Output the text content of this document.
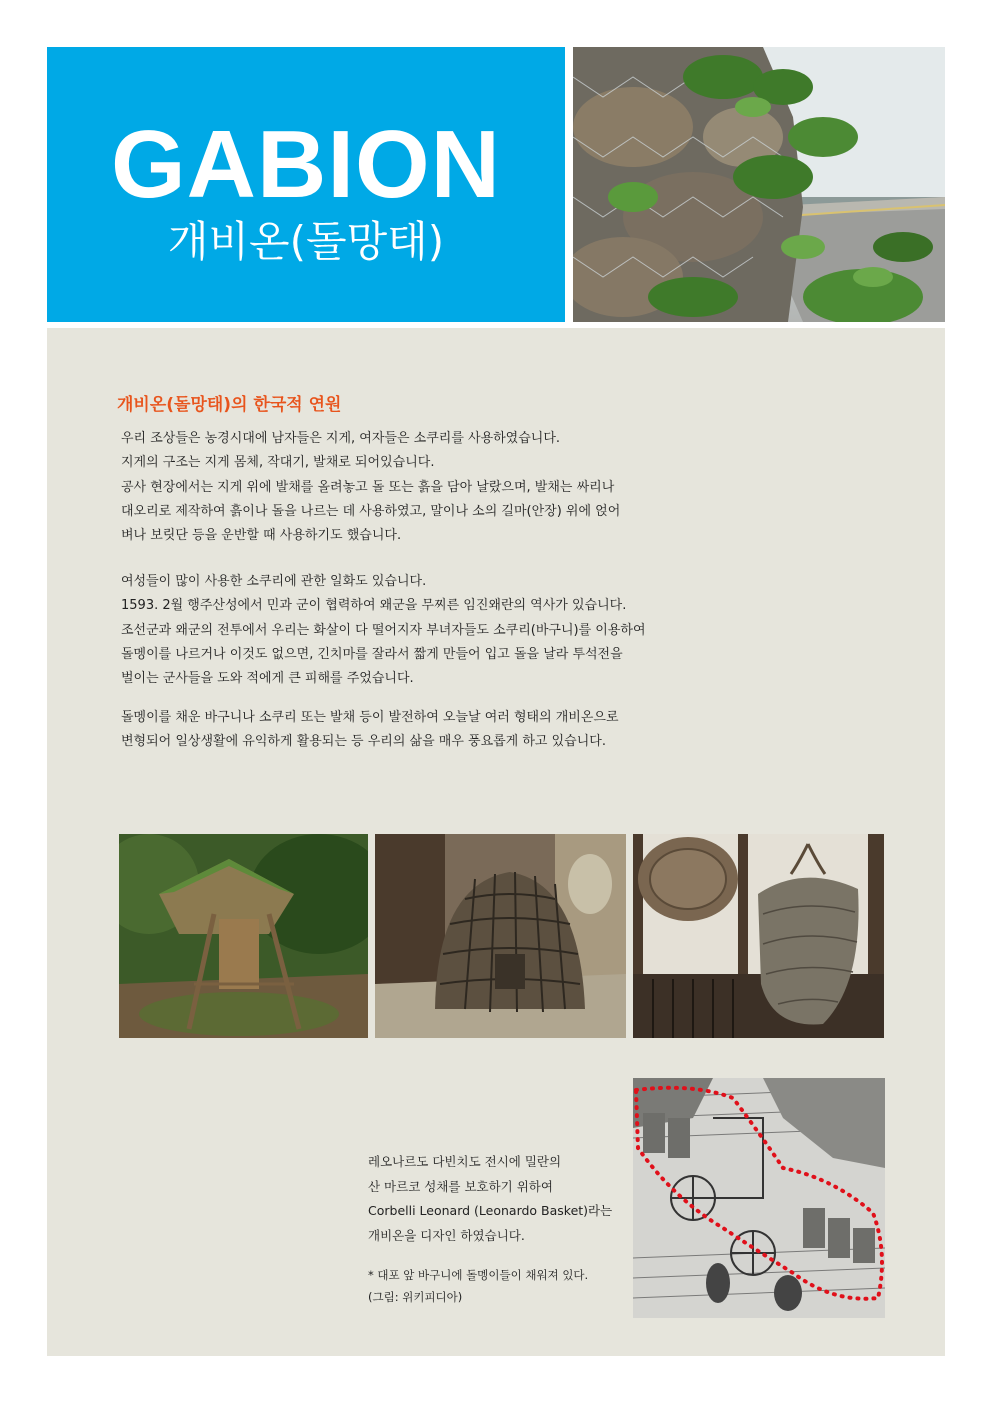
GABION
개비온(돌망태)
개비온(돌망태)의 한국적 연원

우리 조상들은 농경시대에 남자들은 지게, 여자들은 소쿠리를 사용하였습니다.

지게의 구조는 지게 몸체, 작대기, 발채로 되어있습니다.

공사 현장에서는 지게 위에 발채를 올려놓고 돌 또는 흙을 담아 날랐으며, 발채는 싸리나

대오리로 제작하여 흙이나 돌을 나르는 데 사용하였고, 말이나 소의 길마(안장) 위에 얹어

벼나 보릿단 등을 운반할 때 사용하기도 했습니다.

여성들이 많이 사용한 소쿠리에 관한 일화도 있습니다.

1593. 2월 행주산성에서 민과 군이 협력하여 왜군을 무찌른 임진왜란의 역사가 있습니다.

조선군과 왜군의 전투에서 우리는 화살이 다 떨어지자 부녀자들도 소쿠리(바구니)를 이용하여

돌멩이를 나르거나 이것도 없으면, 긴치마를 잘라서 짧게 만들어 입고 돌을 날라 투석전을

벌이는 군사들을 도와 적에게 큰 피해를 주었습니다.

돌멩이를 채운 바구니나 소쿠리 또는 발채 등이 발전하여 오늘날 여러 형태의 개비온으로

변형되어 일상생활에 유익하게 활용되는 등 우리의 삶을 매우 풍요롭게 하고 있습니다.

레오나르도 다빈치도 전시에 밀란의

산 마르코 성채를 보호하기 위하여

Corbelli Leonard (Leonardo Basket)라는

개비온을 디자인 하였습니다.

* 대포 앞 바구니에 돌멩이들이 채워져 있다.

(그림: 위키피디아)
